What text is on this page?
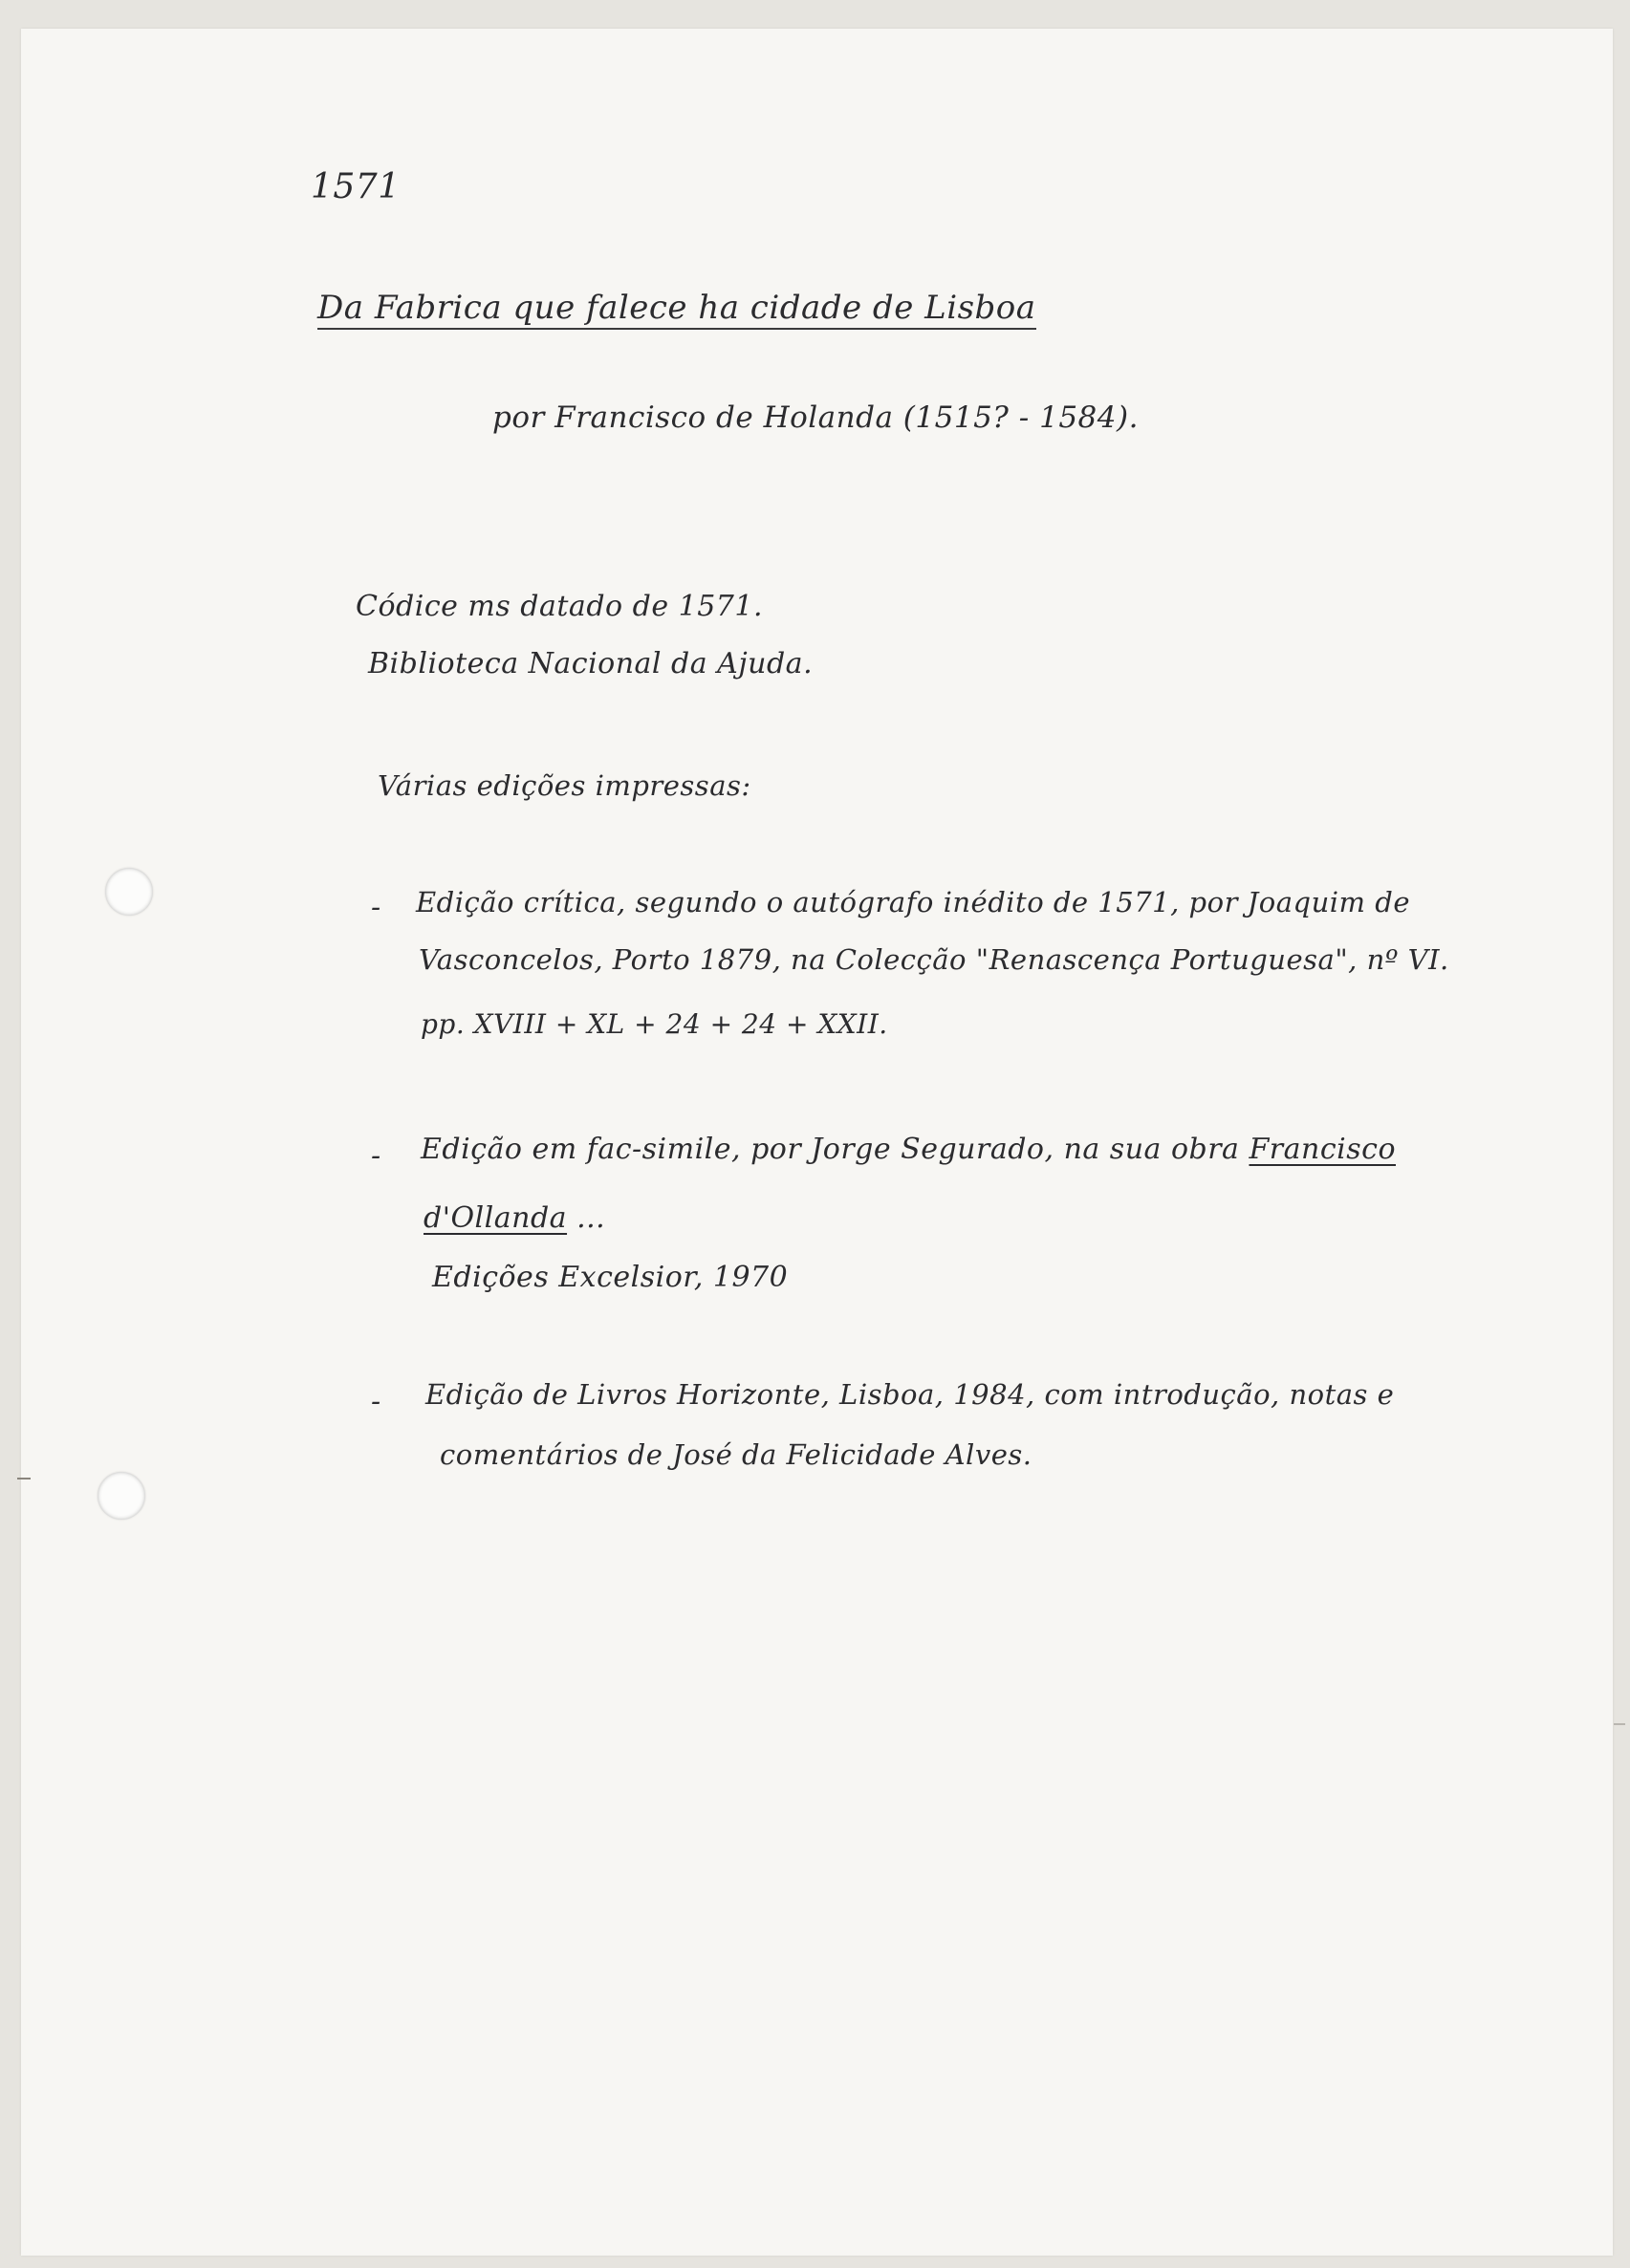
1571

Da Fabrica que falece ha cidade de Lisboa

por Francisco de Holanda (1515? - 1584).

Códice ms datado de 1571.

Biblioteca Nacional da Ajuda.

Várias edições impressas:

- Edição crítica, segundo o autógrafo inédito de 1571, por Joaquim de

Vasconcelos, Porto 1879, na Colecção "Renascença Portuguesa", nº VI.

pp. XVIII + XL + 24 + 24 + XXII.

- Edição em fac-simile, por Jorge Segurado, na sua obra Francisco

d'Ollanda ...

Edições Excelsior, 1970

- Edição de Livros Horizonte, Lisboa, 1984, com introdução, notas e

comentários de José da Felicidade Alves.
